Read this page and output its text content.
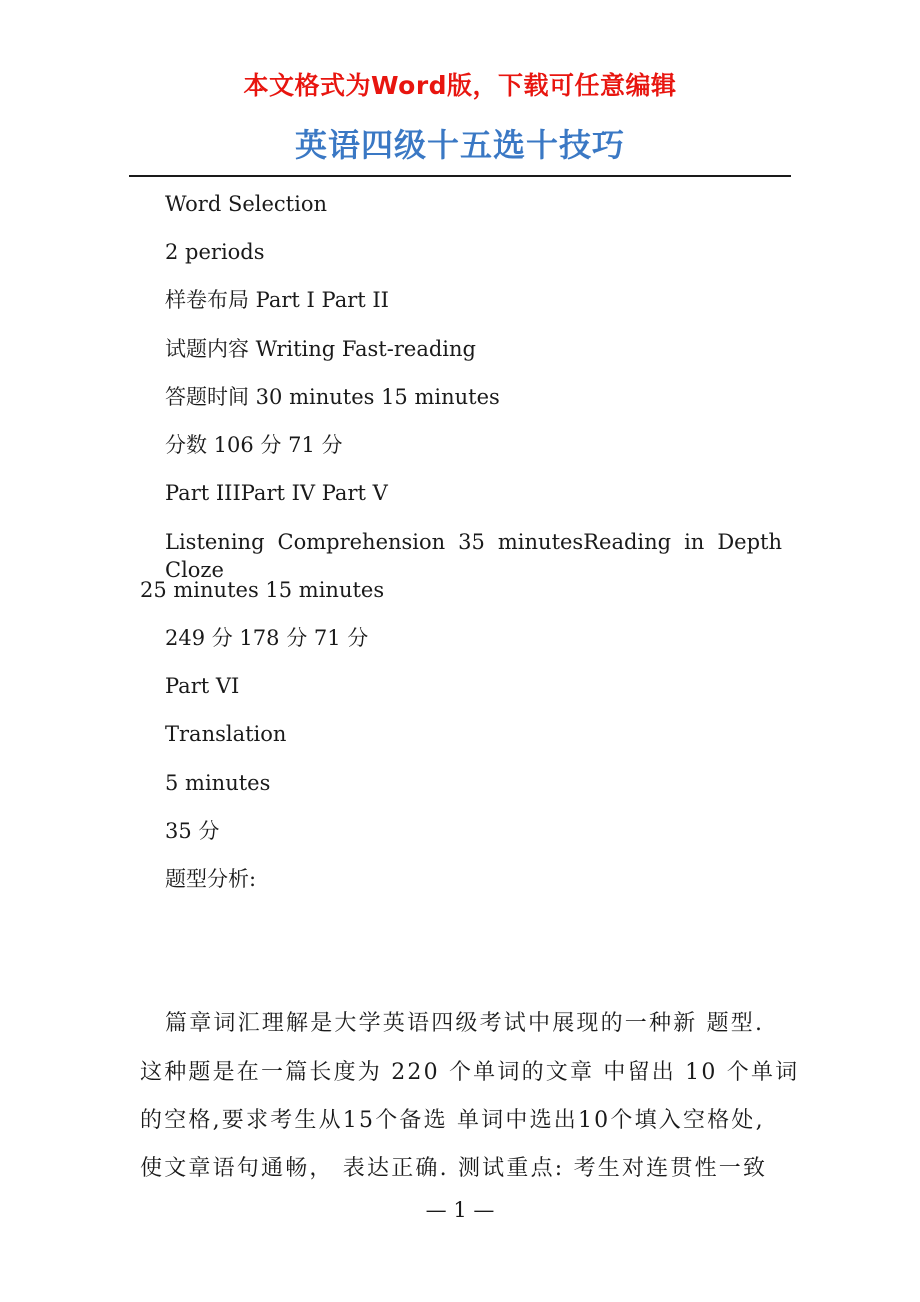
本文格式为Word版，下载可任意编辑
英语四级十五选十技巧
Word Selection
2 periods
样卷布局 Part I Part II
试题内容 Writing Fast-reading
答题时间 30 minutes 15 minutes
分数 106 分 71 分
Part IIIPart IV Part V
Listening Comprehension 35 minutesReading in Depth Cloze
25 minutes 15 minutes
249 分 178 分 71 分
Part VI
Translation
5 minutes
35 分
题型分析:
篇章词汇理解是大学英语四级考试中展现的一种新 题型.
这种题是在一篇长度为 220 个单词的文章 中留出 10 个单词
的空格,要求考生从15个备选 单词中选出10个填入空格处,
使文章语句通畅， 表达正确. 测试重点: 考生对连贯性一致
— 1 —
